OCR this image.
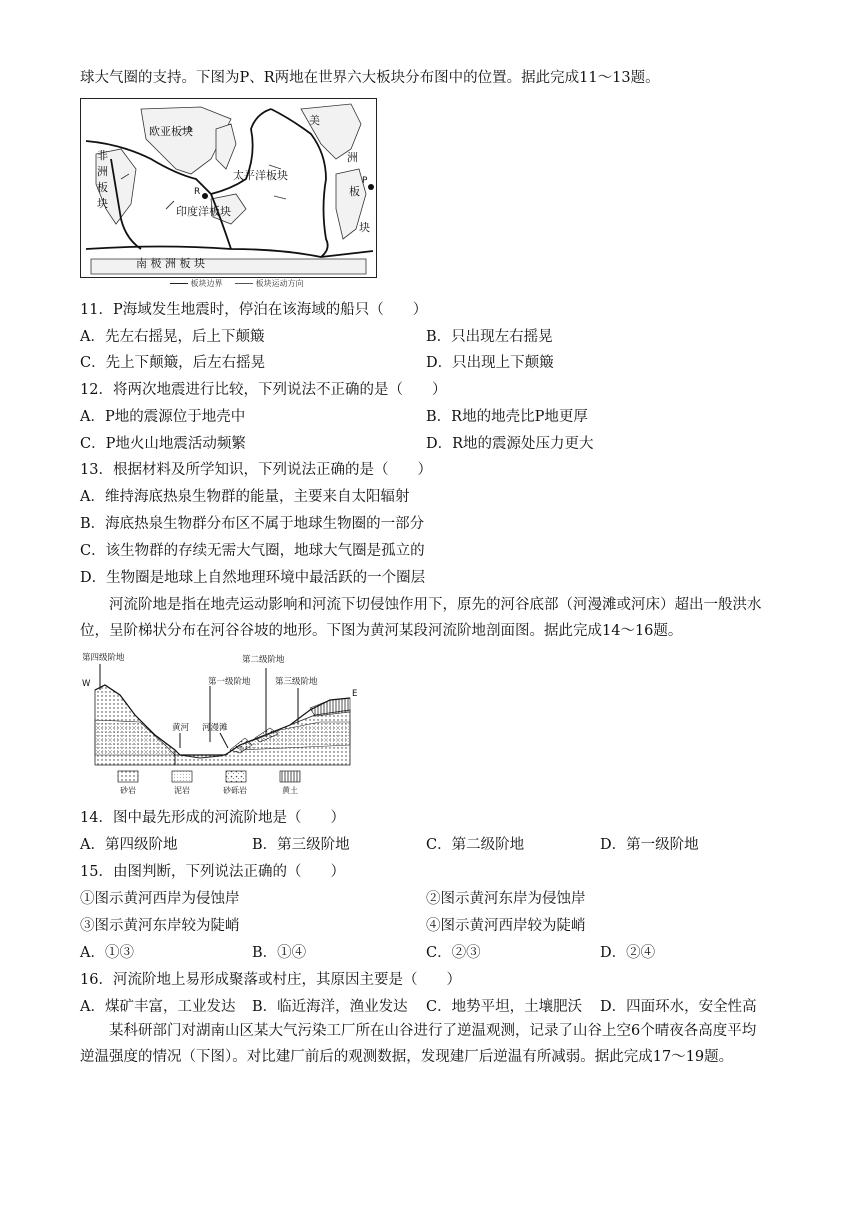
球大气圈的支持。下图为P、R两地在世界六大板块分布图中的位置。据此完成11～13题。
欧亚板块
非
洲
板
块
太平洋板块
印度洋板块
美
洲
板
块
南 极 洲 板 块
R
P
板块边界	板块运动方向
11．P海域发生地震时，停泊在该海域的船只（　　）
A．先左右摇晃，后上下颠簸	B．只出现左右摇晃
C．先上下颠簸，后左右摇晃	D．只出现上下颠簸
12．将两次地震进行比较，下列说法不正确的是（　　）
A．P地的震源位于地壳中	B．R地的地壳比P地更厚
C．P地火山地震活动频繁	D．R地的震源处压力更大
13．根据材料及所学知识，下列说法正确的是（　　）
A．维持海底热泉生物群的能量，主要来自太阳辐射
B．海底热泉生物群分布区不属于地球生物圈的一部分
C．该生物群的存续无需大气圈，地球大气圈是孤立的
D．生物圈是地球上自然地理环境中最活跃的一个圈层
河流阶地是指在地壳运动影响和河流下切侵蚀作用下，原先的河谷底部（河漫滩或河床）超出一般洪水位，呈阶梯状分布在河谷谷坡的地形。下图为黄河某段河流阶地剖面图。据此完成14～16题。
第四级阶地	第二级阶地
第一级阶地	第三级阶地
黄河 河漫滩
W
E
砂岩	泥岩	砂砾岩	黄土
14．图中最先形成的河流阶地是（　　）
A．第四级阶地	B．第三级阶地	C．第二级阶地	D．第一级阶地
15．由图判断，下列说法正确的（　　）
①图示黄河西岸为侵蚀岸	②图示黄河东岸为侵蚀岸
③图示黄河东岸较为陡峭	④图示黄河西岸较为陡峭
A．①③	B．①④	C．②③	D．②④
16．河流阶地上易形成聚落或村庄，其原因主要是（　　）
A．煤矿丰富，工业发达 B．临近海洋，渔业发达 C．地势平坦，土壤肥沃 D．四面环水，安全性高
某科研部门对湖南山区某大气污染工厂所在山谷进行了逆温观测，记录了山谷上空6个晴夜各高度平均逆温强度的情况（下图）。对比建厂前后的观测数据，发现建厂后逆温有所减弱。据此完成17～19题。
